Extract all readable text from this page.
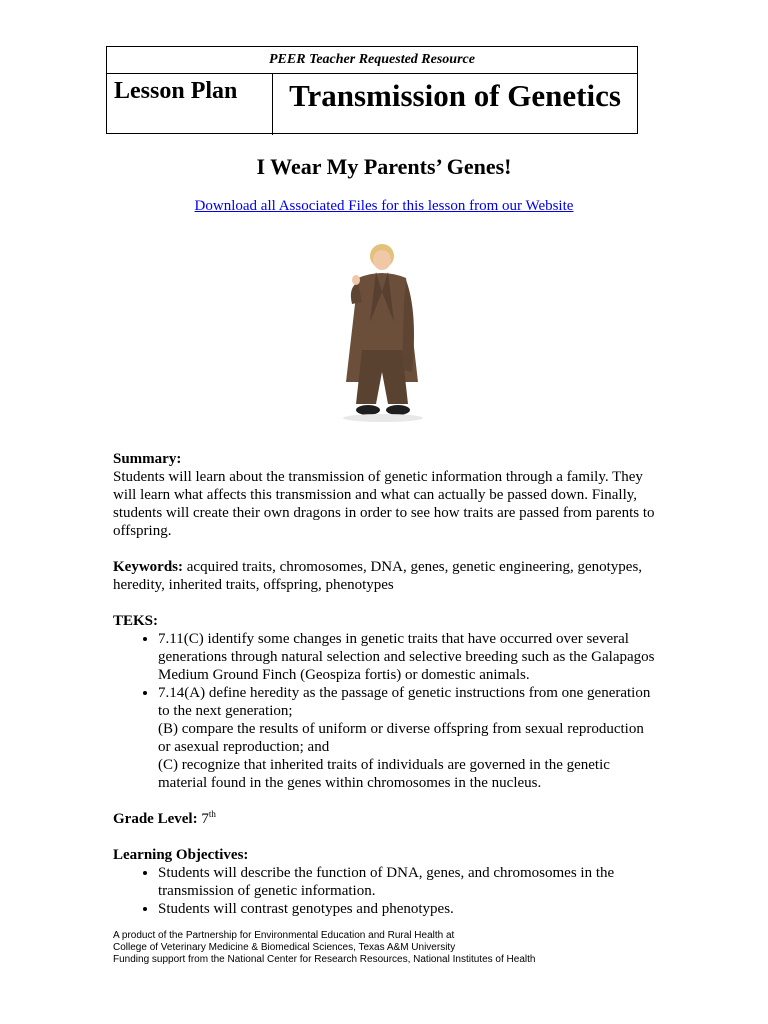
PEER Teacher Requested Resource
Lesson Plan	Transmission of Genetics
I Wear My Parents’ Genes!
Download all Associated Files for this lesson from our Website

Summary:

Students will learn about the transmission of genetic information through a family. They will learn what affects this transmission and what can actually be passed down. Finally, students will create their own dragons in order to see how traits are passed from parents to offspring.

Keywords: acquired traits, chromosomes, DNA, genes, genetic engineering, genotypes, heredity, inherited traits, offspring, phenotypes

TEKS:

• 7.11(C) identify some changes in genetic traits that have occurred over several generations through natural selection and selective breeding such as the Galapagos Medium Ground Finch (Geospiza fortis) or domestic animals.
• 7.14(A) define heredity as the passage of genetic instructions from one generation to the next generation;
(B) compare the results of uniform or diverse offspring from sexual reproduction or asexual reproduction; and
(C) recognize that inherited traits of individuals are governed in the genetic material found in the genes within chromosomes in the nucleus.

Grade Level: 7th

Learning Objectives:

• Students will describe the function of DNA, genes, and chromosomes in the transmission of genetic information.
• Students will contrast genotypes and phenotypes.
A product of the Partnership for Environmental Education and Rural Health at
College of Veterinary Medicine & Biomedical Sciences, Texas A&M University
Funding support from the National Center for Research Resources, National Institutes of Health
